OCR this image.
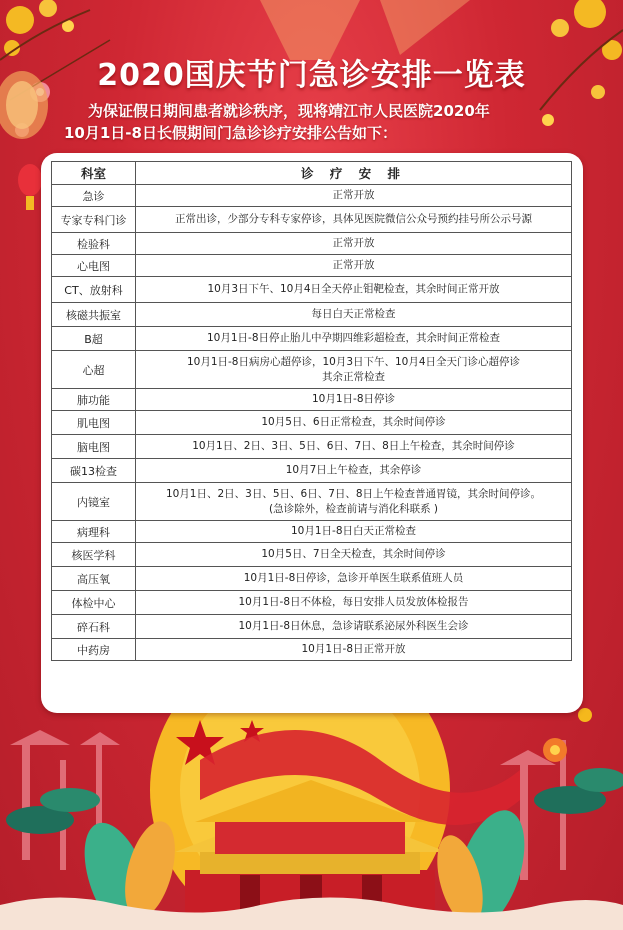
2020国庆节门急诊安排一览表
为保证假日期间患者就诊秩序，现将靖江市人民医院2020年
10月1日-8日长假期间门急诊诊疗安排公告如下：
科室	诊 疗 安 排
急诊	正常开放

专家专科门诊	正常出诊，少部分专科专家停诊，具体见医院微信公众号预约挂号所公示号源

检验科	正常开放

心电图	正常开放

CT、放射科	10月3日下午、10月4日全天停止钼靶检查，其余时间正常开放

核磁共振室	每日白天正常检查

B超	10月1日-8日停止胎儿中孕期四维彩超检查，其余时间正常检查

心超	10月1日-8日病房心超停诊，10月3日下午、10月4日全天门诊心超停诊
其余正常检查

肺功能	10月1日-8日停诊

肌电图	10月5日、6日正常检查，其余时间停诊

脑电图	10月1日、2日、3日、5日、6日、7日、8日上午检查，其余时间停诊

碳13检查	10月7日上午检查，其余停诊

内镜室	10月1日、2日、3日、5日、6日、7日、8日上午检查普通胃镜，其余时间停诊。
(急诊除外，检查前请与消化科联系 )

病理科	10月1日-8日白天正常检查

核医学科	10月5日、7日全天检查，其余时间停诊

高压氧	10月1日-8日停诊，急诊开单医生联系值班人员

体检中心	10月1日-8日不体检，每日安排人员发放体检报告

碎石科	10月1日-8日休息，急诊请联系泌尿外科医生会诊

中药房	10月1日-8日正常开放
